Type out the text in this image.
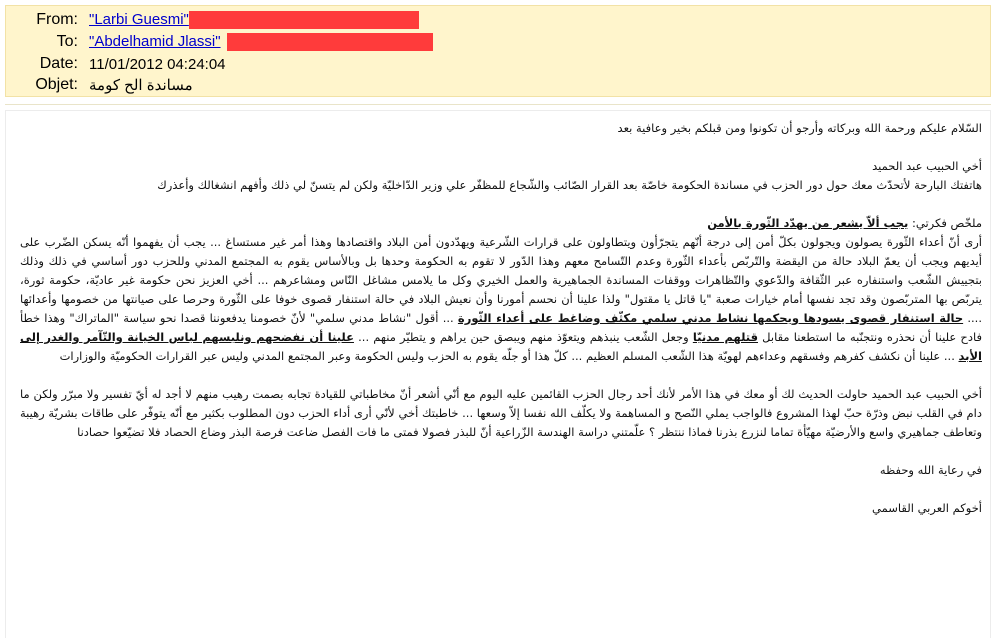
From: "Larbi Guesmi"
To: "Abdelhamid Jlassi"
Date: 11/01/2012 04:24:04
Objet: مساندة الح كومة

السّلام عليكم ورحمة الله وبركاته وأرجو أن تكونوا ومن قبلكم بخير وعافية بعد

أخي الحبيب عبد الحميد

هاتفتك البارحة لأتحدّث معك حول دور الحزب في مساندة الحكومة خاصّة بعد القرار الصّائب والشّجاع للمظفّر علي وزير الدّاخليّة ولكن لم يتسنّ لي ذلك وأفهم انشغالك وأعذرك

ملخّص فكرتي: يجب ألاّ يشعر من يهدّد الثّورة بالأمن

أرى أنّ أعداء الثّورة يصولون ويجولون بكلّ أمن إلى درجة أنّهم يتجرّأون ويتطاولون على قرارات الشّرعية ويهدّدون أمن البلاد واقتصادها وهذا أمر غير مستساغ ... يجب أن يفهموا أنّه يسكن الضّرب على أيديهم ويجب أن يعمّ البلاد حالة من اليقضة والتّربّص بأعداء الثّورة وعدم التّسامح معهم وهذا الدّور لا تقوم به الحكومة وحدها بل وبالأساس يقوم به المجتمع المدني وللحزب دور أساسي في ذلك وذلك بتجييش الشّعب واستنفاره عبر الثّقافة والدّعوي والتّظاهرات ووقفات المساندة الجماهيرية والعمل الخيري وكل ما يلامس مشاغل النّاس ومشاعرهم ... أخي العزيز نحن حكومة غير عاديّة، حكومة ثورة، يتربّص بها المتربّصون وقد تجد نفسها أمام خيارات صعبة "يا قاتل يا مقتول" ولذا علينا أن نحسم أمورنا وأن نعيش البلاد في حالة استنفار قصوى خوفا على الثّورة وحرصا على صيانتها من خصومها وأعدائها .... حالة استنفار قصوى يسودها ويحكمها نشاط مدني سلمي مكثّف وضاغط على أعداء الثّورة ... أقول "نشاط مدني سلمي" لأنّ خصومنا يدفعوننا قصدا نحو سياسة "الماتراك" وهذا خطأ فادح علينا أن نحذره ونتجنّبه ما استطعنا مقابل قتلهم مدنيّا وجعل الشّعب ينبذهم ويتعوّذ منهم ويبصق حين يراهم و يتطيّر منهم ... علينا أن نفضحهم ونلبسهم لباس الخيانة والتّآمر والغدر إلى الأبد ... علينا أن نكشف كفرهم وفسقهم وعداءهم لهويّة هذا الشّعب المسلم العظيم ... كلّ هذا أو جلّه يقوم به الحزب وليس الحكومة وعبر المجتمع المدني وليس عبر القرارات الحكوميّة والوزارات

أخي الحبيب عبد الحميد حاولت الحديث لك أو معك في هذا الأمر لأنك أحد رجال الحزب القائمين عليه اليوم مع أنّي أشعر أنّ مخاطباتي للقيادة تجابه بصمت رهيب منهم لا أجد له أيّ تفسير ولا مبرّر ولكن ما دام في القلب نبض وذرّة حبّ لهذا المشروع فالواجب يملي النّصح و المساهمة ولا يكلّف الله نفسا إلاّ وسعها ... خاطبتك أخي لأنّي أرى أداء الحزب دون المطلوب بكثير مع أنّه يتوفّر على طاقات بشريّة رهيبة وتعاطف جماهيري واسع والأرضيّة مهيّأة تماما لنزرع بذرنا فماذا ننتظر ؟ علّمتني دراسة الهندسة الزّراعية أنّ للبذر فصولا فمتى ما فات الفصل ضاعت فرصة البذر وضاع الحصاد فلا تضيّعوا حصادنا

في رعاية الله وحفظه

أخوكم العربي القاسمي
